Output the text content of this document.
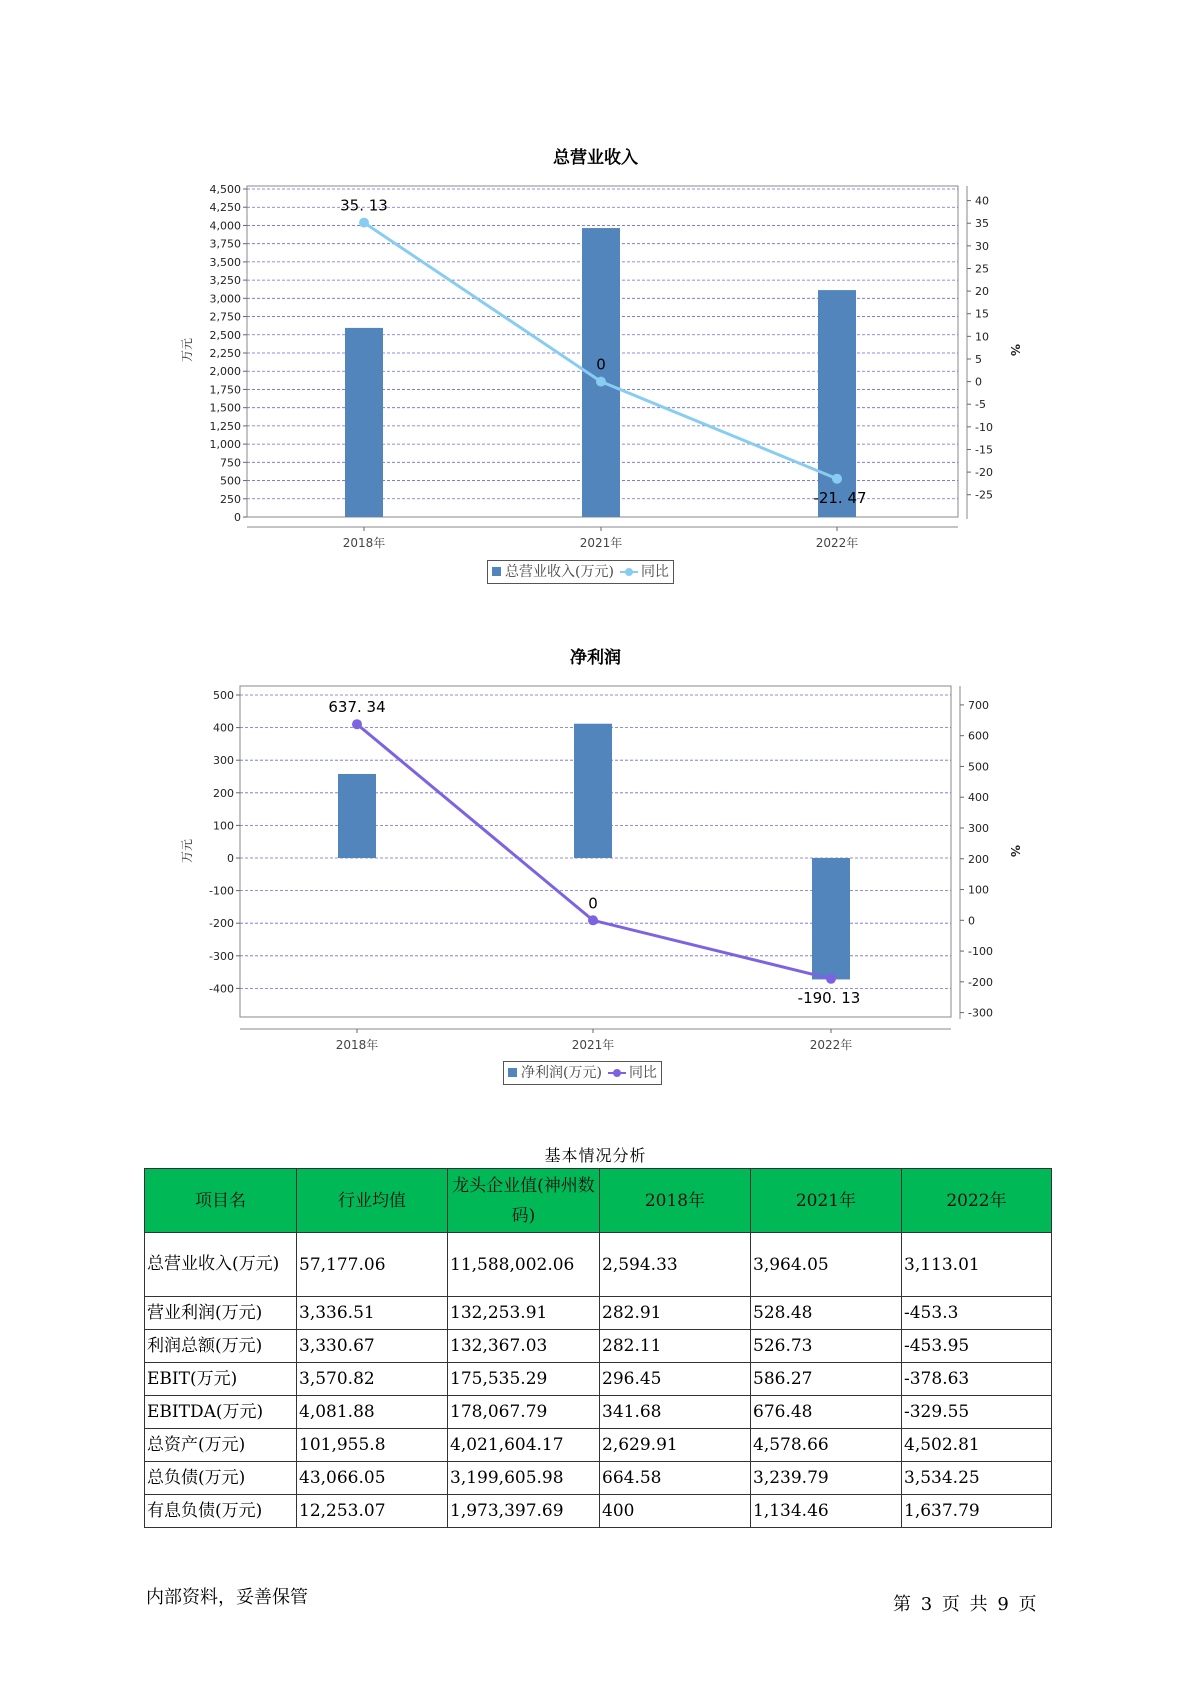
总营业收入
0
250
500
750
1,000
1,250
1,500
1,750
2,000
2,250
2,500
2,750
3,000
3,250
3,500
3,750
4,000
4,250
4,500
-25
-20
-15
-10
-5
0
5
10
15
20
25
30
35
40
万元	%
2018年	2021年	2022年
35. 13
0
-21. 47
总营业收入(万元) 同比
净利润
-400
-300
-200
-100
0
100
200
300
400
500
-300
-200
-100
0
100
200
300
400
500
600
700
万元	%
2018年	2021年	2022年
637. 34
0
-190. 13
净利润(万元) 同比
基本情况分析
项目名	行业均值	龙头企业值(神州数码)	2018年	2021年	2022年
总营业收入(万元)	57,177.06	11,588,002.06	2,594.33	3,964.05	3,113.01
营业利润(万元)	3,336.51	132,253.91	282.91	528.48	-453.3
利润总额(万元)	3,330.67	132,367.03	282.11	526.73	-453.95
EBIT(万元)	3,570.82	175,535.29	296.45	586.27	-378.63
EBITDA(万元)	4,081.88	178,067.79	341.68	676.48	-329.55
总资产(万元)	101,955.8	4,021,604.17	2,629.91	4,578.66	4,502.81
总负债(万元)	43,066.05	3,199,605.98	664.58	3,239.79	3,534.25
有息负债(万元)	12,253.07	1,973,397.69	400	1,134.46	1,637.79
内部资料，妥善保管	第 3 页 共 9 页
